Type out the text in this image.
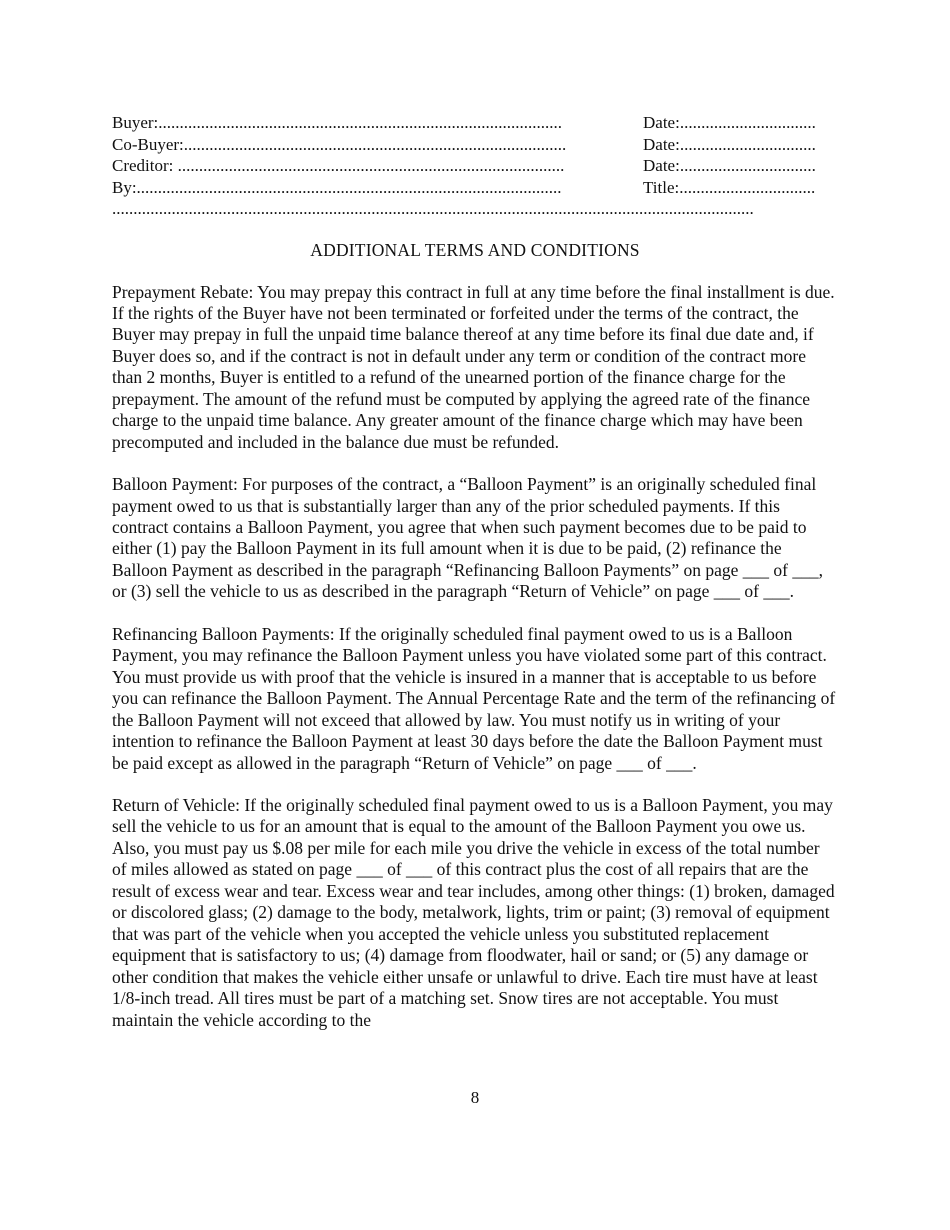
Buyer:...............................................................................................	Date:................................
Co-Buyer:..........................................................................................	Date:................................
Creditor: ...........................................................................................	Date:................................
By:....................................................................................................	Title:................................
.......................................................................................................................................................
ADDITIONAL TERMS AND CONDITIONS

Prepayment Rebate: You may prepay this contract in full at any time before the final installment is due. If the rights of the Buyer have not been terminated or forfeited under the terms of the contract, the Buyer may prepay in full the unpaid time balance thereof at any time before its final due date and, if Buyer does so, and if the contract is not in default under any term or condition of the contract more than 2 months, Buyer is entitled to a refund of the unearned portion of the finance charge for the prepayment. The amount of the refund must be computed by applying the agreed rate of the finance charge to the unpaid time balance. Any greater amount of the finance charge which may have been precomputed and included in the balance due must be refunded.

Balloon Payment: For purposes of the contract, a “Balloon Payment” is an originally scheduled final payment owed to us that is substantially larger than any of the prior scheduled payments. If this contract contains a Balloon Payment, you agree that when such payment becomes due to be paid to either (1) pay the Balloon Payment in its full amount when it is due to be paid, (2) refinance the Balloon Payment as described in the paragraph “Refinancing Balloon Payments” on page ___ of ___, or (3) sell the vehicle to us as described in the paragraph “Return of Vehicle” on page ___ of ___.

Refinancing Balloon Payments: If the originally scheduled final payment owed to us is a Balloon Payment, you may refinance the Balloon Payment unless you have violated some part of this contract. You must provide us with proof that the vehicle is insured in a manner that is acceptable to us before you can refinance the Balloon Payment. The Annual Percentage Rate and the term of the refinancing of the Balloon Payment will not exceed that allowed by law. You must notify us in writing of your intention to refinance the Balloon Payment at least 30 days before the date the Balloon Payment must be paid except as allowed in the paragraph “Return of Vehicle” on page ___ of ___.

Return of Vehicle: If the originally scheduled final payment owed to us is a Balloon Payment, you may sell the vehicle to us for an amount that is equal to the amount of the Balloon Payment you owe us. Also, you must pay us $.08 per mile for each mile you drive the vehicle in excess of the total number of miles allowed as stated on page ___ of ___ of this contract plus the cost of all repairs that are the result of excess wear and tear. Excess wear and tear includes, among other things: (1) broken, damaged or discolored glass; (2) damage to the body, metalwork, lights, trim or paint; (3) removal of equipment that was part of the vehicle when you accepted the vehicle unless you substituted replacement equipment that is satisfactory to us; (4) damage from floodwater, hail or sand; or (5) any damage or other condition that makes the vehicle either unsafe or unlawful to drive. Each tire must have at least 1/8-inch tread. All tires must be part of a matching set. Snow tires are not acceptable. You must maintain the vehicle according to the

8
